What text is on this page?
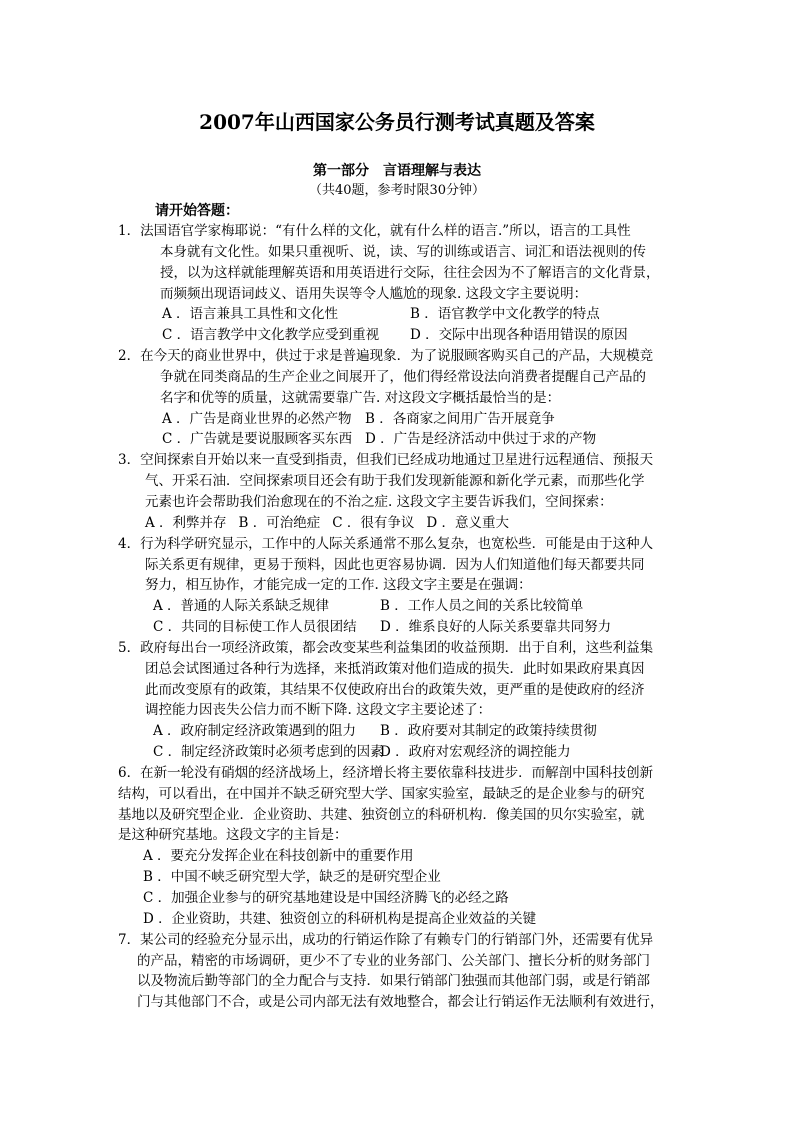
2007年山西国家公务员行测考试真题及答案
第一部分　言语理解与表达
（共40题，参考时限30分钟）
请开始答题：
1．法国语官学家梅耶说：“有什么样的文化，就有什么样的语言.”所以，语言的工具性
本身就有文化性。如果只重视听、说，读、写的训练或语言、词汇和语法视则的传
授，以为这样就能理解英语和用英语进行交际，往往会因为不了解语言的文化背景，
而频频出现语词歧义、语用失误等令人尴尬的现象. 这段文字主要说明：
A ．语言兼具工具性和文化性	B ．语官教学中文化教学的特点
C ．语言教学中文化教学应受到重视	D ．交际中出现各种语用错误的原因
2．在今天的商业世界中，供过于求是普遍现象．为了说服顾客购买自己的产品，大规模竞
争就在同类商品的生产企业之间展开了，他们得经常设法向消费者提醒自己产品的
名字和优等的质量，这就需要靠广告. 对这段文字概括最恰当的是：
A ．广告是商业世界的必然产物 B ．各商家之间用广告开展竟争
C ．广告就是要说服顾客买东西 D ．广告是经济活动中供过于求的产物
3．空间探索自开始以来一直受到指责，但我们已经成功地通过卫星进行远程通信、预报天
气、开采石油．空间探索项目还会有助于我们发现新能源和新化学元素，而那些化学
元素也许会帮助我们治愈现在的不治之症. 这段文字主要告诉我们，空间探索：
A ．利弊并存 B ．可治绝症 C ．很有争议 D ．意义重大
4．行为科学研究显示，工作中的人际关系通常不那么复杂，也宽松些．可能是由于这种人
际关系更有规律，更易于预料，因此也更容易协调．因为人们知道他们每天都要共同
努力，相互协作，才能完成一定的工作. 这段文字主要是在强调：
A ．普通的人际关系缺乏规律	B ．工作人员之间的关系比较简单
C ．共同的目标使工作人员很团结	D ．维系良好的人际关系要靠共同努力
5．政府每出台一项经济政策，都会改变某些利益集团的收益预期．出于自利，这些利益集
团总会试图通过各种行为选择，来抵消政策对他们造成的损失．此时如果政府果真因
此而改变原有的政策，其结果不仅使政府出台的政策失效，更严重的是使政府的经济
调控能力因丧失公信力而不断下降. 这段文字主要论述了：
A ．政府制定经济政策遇到的阻力	B ．政府要对其制定的政策持续贯彻
C ．制定经济政策时必须考虑到的因素
D ．政府对宏观经济的调控能力
6．在新一轮没有硝烟的经济战场上，经济增长将主要依靠科技进步．而解剖中国科技创新
结构，可以看出，在中国并不缺乏研究型大学、国家实验室，最缺乏的是企业参与的研究
基地以及研究型企业．企业资助、共建、独资创立的科研机构．像美国的贝尔实验室，就
是这种研究基地。这段文字的主旨是：
A ．要充分发挥企业在科技创新中的重要作用
B ．中国不峡乏研究型大学，缺乏的是研究型企业
C ．加强企业参与的研究基地建设是中国经济腾飞的必经之路
D ．企业资助，共建、独资创立的科研机构是提高企业效益的关键
7．某公司的经验充分显示出，成功的行销运作除了有赖专门的行销部门外，还需要有优异
的产品，精密的市场调研，更少不了专业的业务部门、公关部门、擅长分析的财务部门
以及物流后勤等部门的全力配合与支持．如果行销部门独强而其他部门弱，或是行销部
门与其他部门不合，或是公司内部无法有效地整合，都会让行销运作无法顺利有效进行，
